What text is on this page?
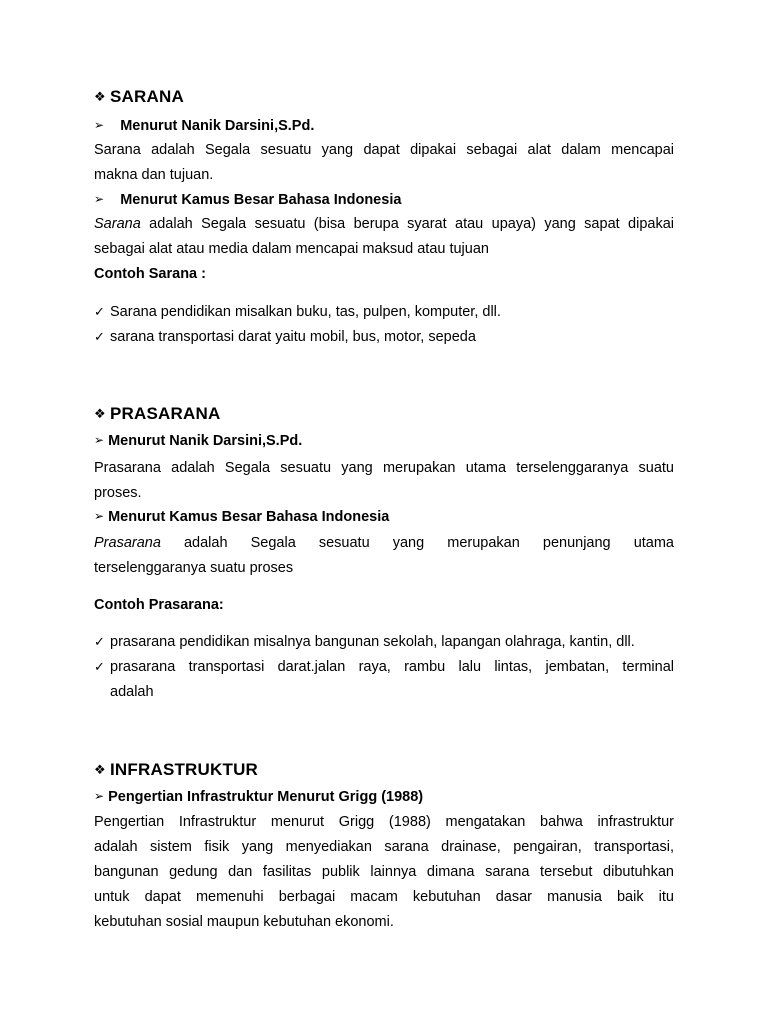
❖ SARANA
➢ Menurut Nanik Darsini,S.Pd.
Sarana adalah Segala sesuatu yang dapat dipakai sebagai alat dalam mencapai
makna dan tujuan.
➢ Menurut Kamus Besar Bahasa Indonesia
Sarana adalah Segala sesuatu (bisa berupa syarat atau upaya) yang sapat dipakai
sebagai alat atau media dalam mencapai maksud atau tujuan
Contoh Sarana :
✓ Sarana pendidikan misalkan buku, tas, pulpen, komputer, dll.
✓ sarana transportasi darat yaitu mobil, bus, motor, sepeda
❖ PRASARANA
➢ Menurut Nanik Darsini,S.Pd.
Prasarana adalah Segala sesuatu yang merupakan utama terselenggaranya suatu
proses.
➢ Menurut Kamus Besar Bahasa Indonesia
Prasarana adalah Segala sesuatu yang merupakan penunjang utama
terselenggaranya suatu proses
Contoh Prasarana:
✓ prasarana pendidikan misalnya bangunan sekolah, lapangan olahraga, kantin, dll.
✓ prasarana transportasi darat.jalan raya, rambu lalu lintas, jembatan, terminal
adalah
❖ INFRASTRUKTUR
➢ Pengertian Infrastruktur Menurut Grigg (1988)
Pengertian Infrastruktur menurut Grigg (1988) mengatakan bahwa infrastruktur
adalah sistem fisik yang menyediakan sarana drainase, pengairan, transportasi,
bangunan gedung dan fasilitas publik lainnya dimana sarana tersebut dibutuhkan
untuk dapat memenuhi berbagai macam kebutuhan dasar manusia baik itu
kebutuhan sosial maupun kebutuhan ekonomi.
